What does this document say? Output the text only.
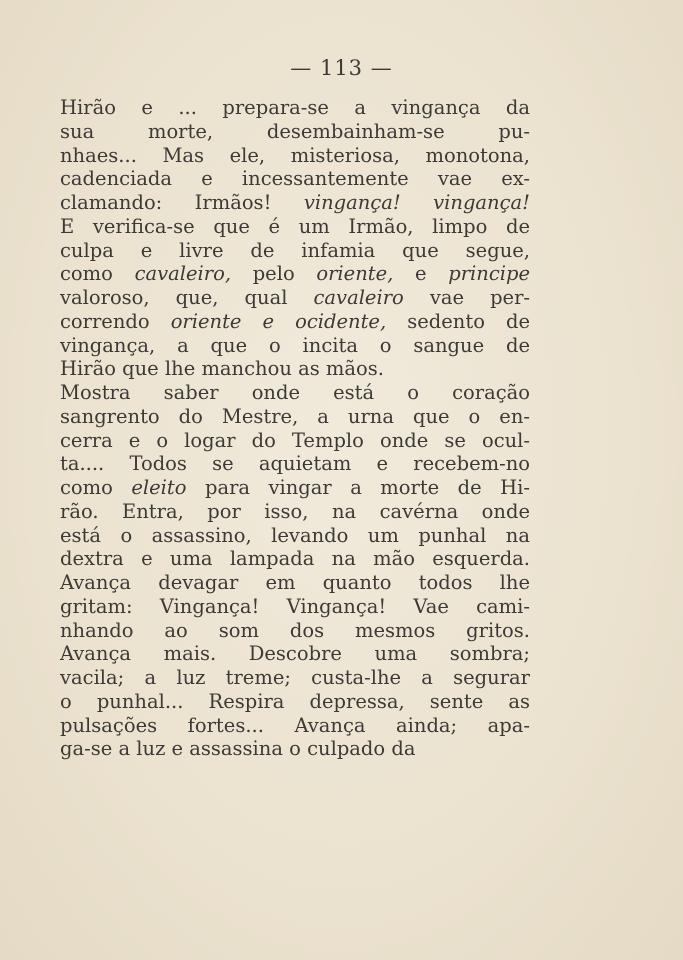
— 113 —
Hirão e ... prepara-se a vingança da
sua morte, desembainham-se pu-
nhaes... Mas ele, misteriosa, monotona,
cadenciada e incessantemente vae ex-
clamando: Irmãos! vingança! vingança!
E verifica-se que é um Irmão, limpo de
culpa e livre de infamia que segue,
como cavaleiro, pelo oriente, e principe
valoroso, que, qual cavaleiro vae per-
correndo oriente e ocidente, sedento de
vingança, a que o incita o sangue de
Hirão que lhe manchou as mãos.
Mostra saber onde está o coração
sangrento do Mestre, a urna que o en-
cerra e o logar do Templo onde se ocul-
ta.... Todos se aquietam e recebem-no
como eleito para vingar a morte de Hi-
rão. Entra, por isso, na cavérna onde
está o assassino, levando um punhal na
dextra e uma lampada na mão esquerda.
Avança devagar em quanto todos lhe
gritam: Vingança! Vingança! Vae cami-
nhando ao som dos mesmos gritos.
Avança mais. Descobre uma sombra;
vacila; a luz treme; custa-lhe a segurar
o punhal... Respira depressa, sente as
pulsações fortes... Avança ainda; apa-
ga-se a luz e assassina o culpado da
